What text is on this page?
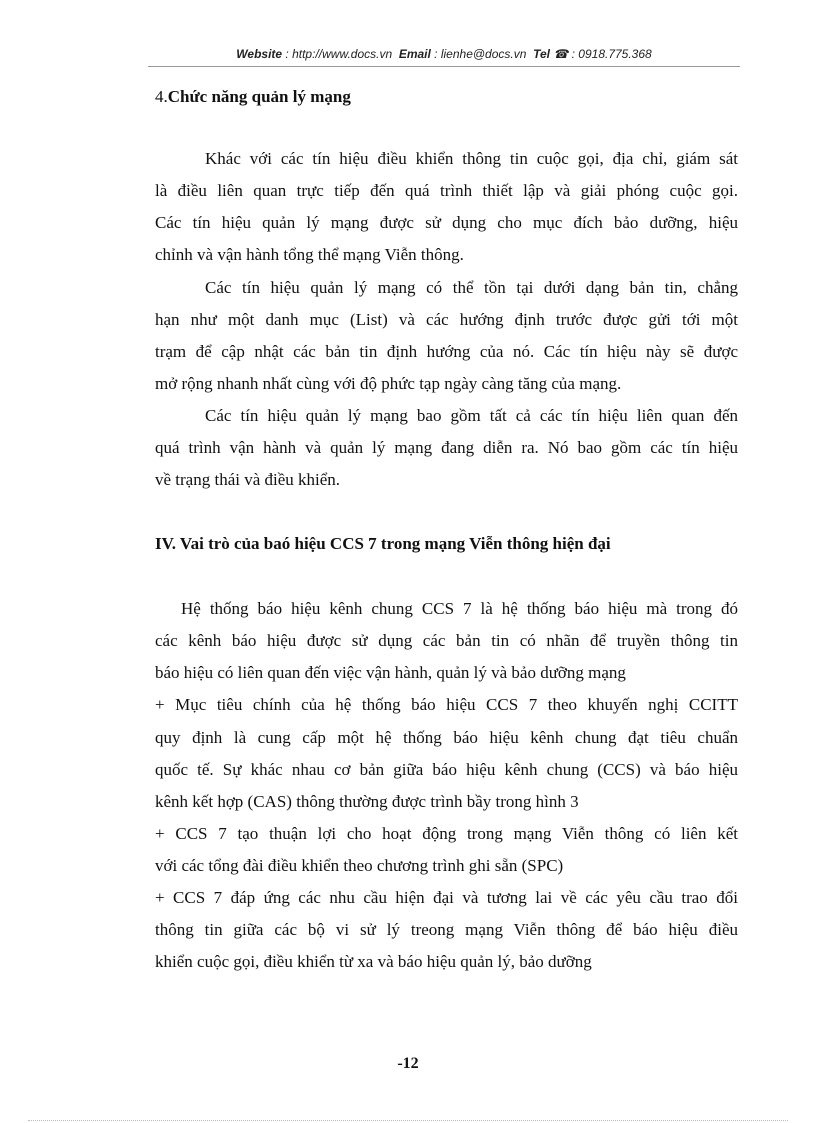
Website : http://www.docs.vn Email : lienhe@docs.vn Tel ☎ : 0918.775.368
4.Chức năng quản lý mạng
Khác với các tín hiệu điều khiển thông tin cuộc gọi, địa chỉ, giám sát
là điều liên quan trực tiếp đến quá trình thiết lập và giải phóng cuộc gọi.
Các tín hiệu quản lý mạng được sử dụng cho mục đích bảo dưỡng, hiệu
chỉnh và vận hành tổng thể mạng Viễn thông.
Các tín hiệu quản lý mạng có thể tồn tại dưới dạng bản tin, chẳng
hạn như một danh mục (List) và các hướng định trước được gửi tới một
trạm để cập nhật các bản tin định hướng của nó. Các tín hiệu này sẽ được
mở rộng nhanh nhất cùng với độ phức tạp ngày càng tăng của mạng.
Các tín hiệu quản lý mạng bao gồm tất cả các tín hiệu liên quan đến
quá trình vận hành và quản lý mạng đang diễn ra. Nó bao gồm các tín hiệu
về trạng thái và điều khiển.
IV. Vai trò của baó hiệu CCS 7 trong mạng Viễn thông hiện đại
Hệ thống báo hiệu kênh chung CCS 7 là hệ thống báo hiệu mà trong đó
các kênh báo hiệu được sử dụng các bản tin có nhãn để truyền thông tin
báo hiệu có liên quan đến việc vận hành, quản lý và bảo dưỡng mạng
+ Mục tiêu chính của hệ thống báo hiệu CCS 7 theo khuyến nghị CCITT
quy định là cung cấp một hệ thống báo hiệu kênh chung đạt tiêu chuẩn
quốc tế. Sự khác nhau cơ bản giữa báo hiệu kênh chung (CCS) và báo hiệu
kênh kết hợp (CAS) thông thường được trình bầy trong hình 3
+ CCS 7 tạo thuận lợi cho hoạt động trong mạng Viễn thông có liên kết
với các tổng đài điều khiển theo chương trình ghi sẵn (SPC)
+ CCS 7 đáp ứng các nhu cầu hiện đại và tương lai về các yêu cầu trao đổi
thông tin giữa các bộ vi sử lý treong mạng Viễn thông để báo hiệu điều
khiển cuộc gọi, điều khiển từ xa và báo hiệu quản lý, bảo dưỡng
-12
